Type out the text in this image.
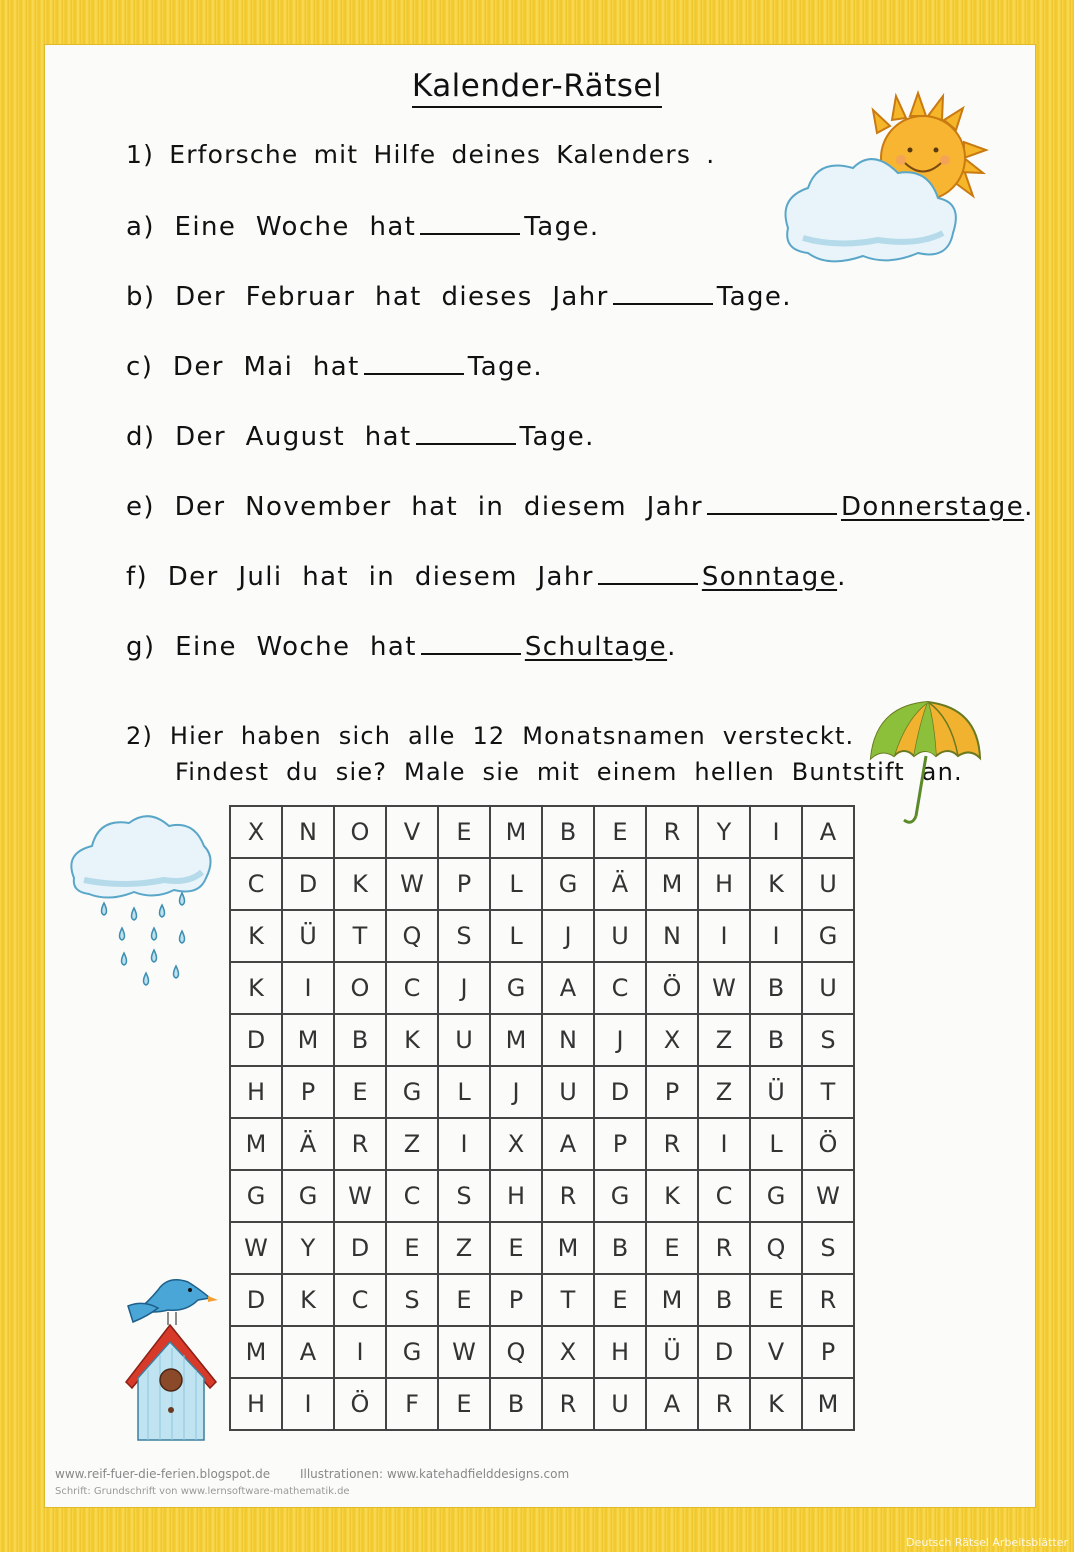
Kalender-Rätsel
1) Erforsche mit Hilfe deines Kalenders .
a) Eine Woche hat	Tage.
b) Der Februar hat dieses Jahr	Tage.
c) Der Mai hat	Tage.
d) Der August hat	Tage.
e) Der November hat in diesem Jahr	Donnerstage.
f) Der Juli hat in diesem Jahr	Sonntage.
g) Eine Woche hat	Schultage.
2) Hier haben sich alle 12 Monatsnamen versteckt.
Findest du sie? Male sie mit einem hellen Buntstift an.
X	N	O	V	E	M	B	E	R	Y	I	A
C	D	K	W	P	L	G	Ä	M	H	K	U
K	Ü	T	Q	S	L	J	U	N	I	I	G
K	I	O	C	J	G	A	C	Ö	W	B	U
D	M	B	K	U	M	N	J	X	Z	B	S
H	P	E	G	L	J	U	D	P	Z	Ü	T
M	Ä	R	Z	I	X	A	P	R	I	L	Ö
G	G	W	C	S	H	R	G	K	C	G	W
W	Y	D	E	Z	E	M	B	E	R	Q	S
D	K	C	S	E	P	T	E	M	B	E	R
M	A	I	G	W	Q	X	H	Ü	D	V	P
H	I	Ö	F	E	B	R	U	A	R	K	M
www.reif-fuer-die-ferien.blogspot.de Illustrationen: www.katehadfielddesigns.com
Schrift: Grundschrift von www.lernsoftware-mathematik.de
Deutsch Rätsel Arbeitsblätter
